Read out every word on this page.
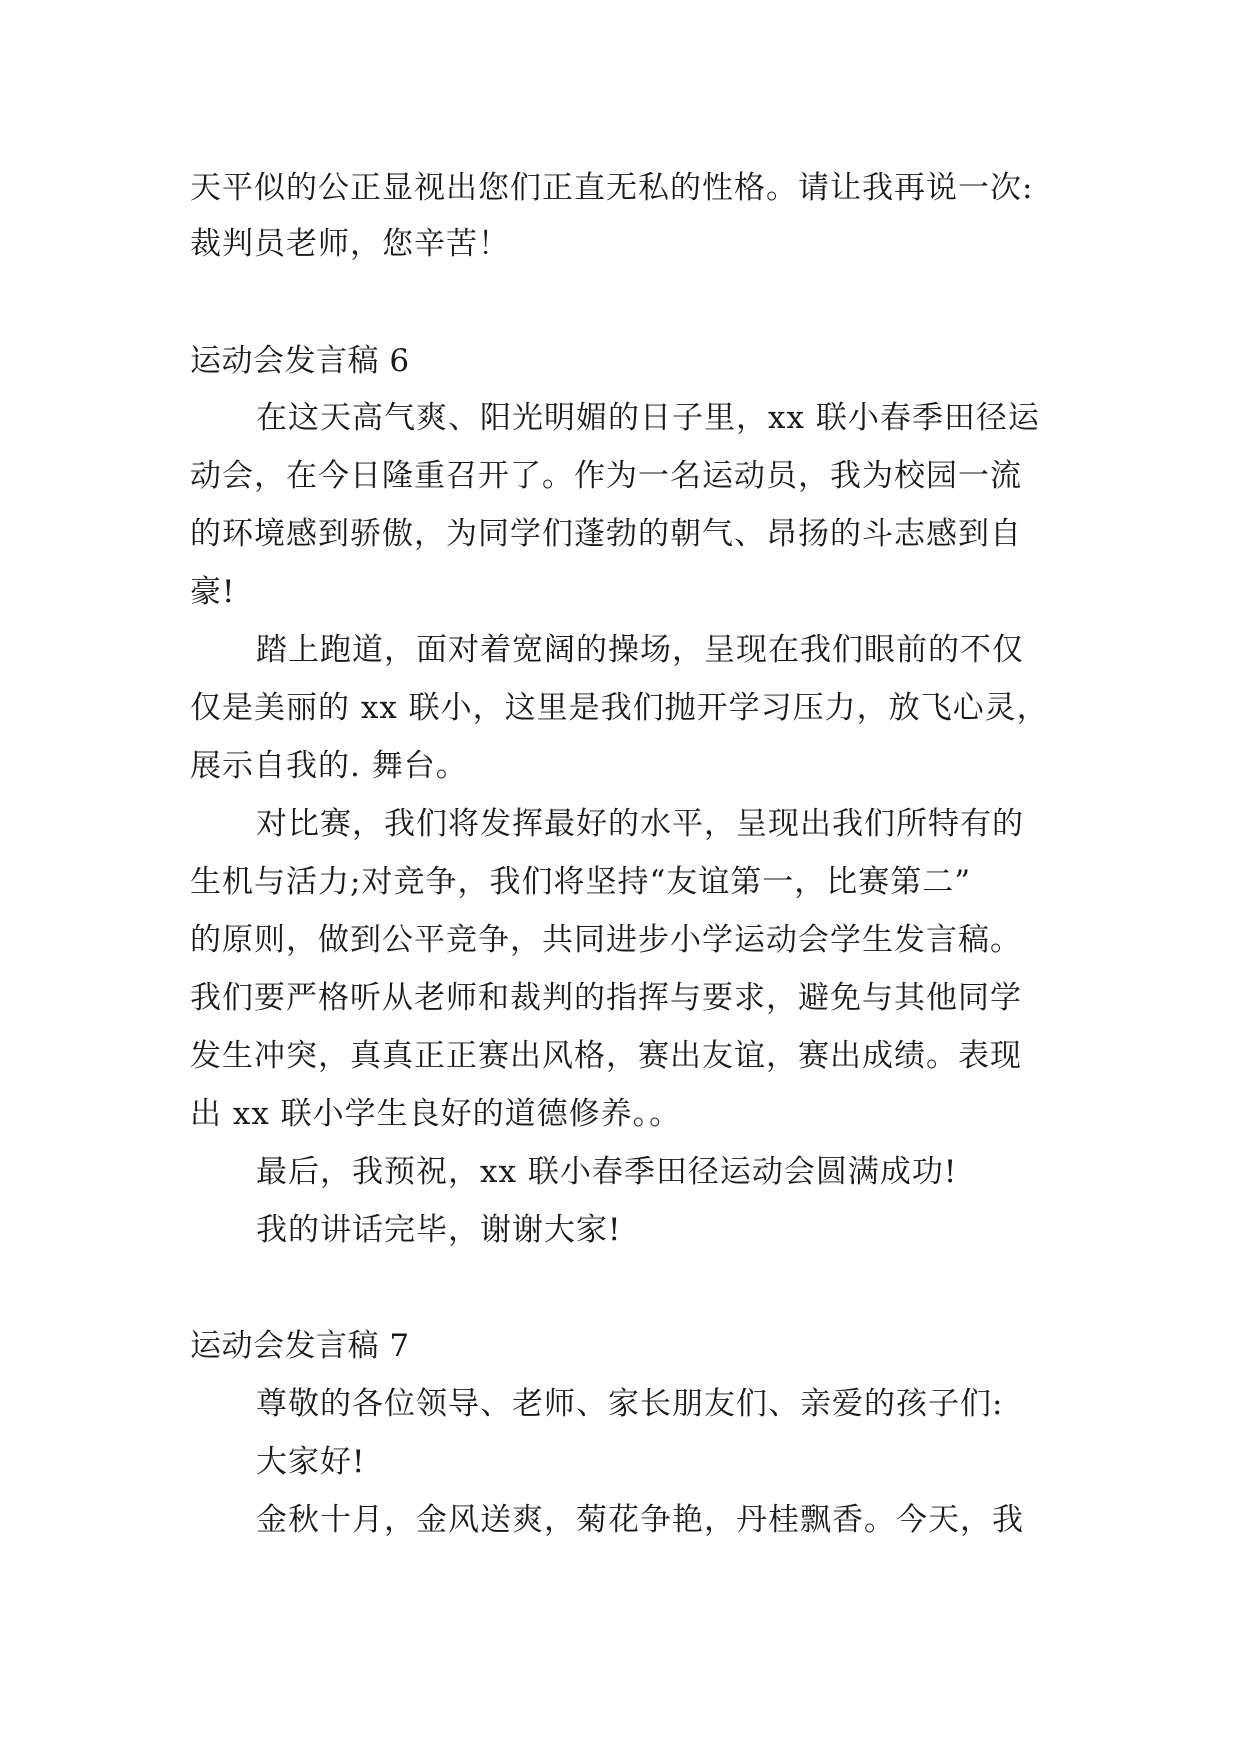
天平似的公正显视出您们正直无私的性格。请让我再说一次:
裁判员老师，您辛苦！
运动会发言稿 6
在这天高气爽、阳光明媚的日子里，xx 联小春季田径运
动会，在今日隆重召开了。作为一名运动员，我为校园一流
的环境感到骄傲，为同学们蓬勃的朝气、昂扬的斗志感到自
豪!
踏上跑道，面对着宽阔的操场，呈现在我们眼前的不仅
仅是美丽的 xx 联小，这里是我们抛开学习压力，放飞心灵，
展示自我的. 舞台。
对比赛，我们将发挥最好的水平，呈现出我们所特有的
生机与活力;对竞争，我们将坚持“友谊第一，比赛第二”
的原则，做到公平竞争，共同进步小学运动会学生发言稿。
我们要严格听从老师和裁判的指挥与要求，避免与其他同学
发生冲突，真真正正赛出风格，赛出友谊，赛出成绩。表现
出 xx 联小学生良好的道德修养。。
最后，我预祝，xx 联小春季田径运动会圆满成功!
我的讲话完毕，谢谢大家!
运动会发言稿 7
尊敬的各位领导、老师、家长朋友们、亲爱的孩子们:
大家好!
金秋十月，金风送爽，菊花争艳，丹桂飘香。今天，我
